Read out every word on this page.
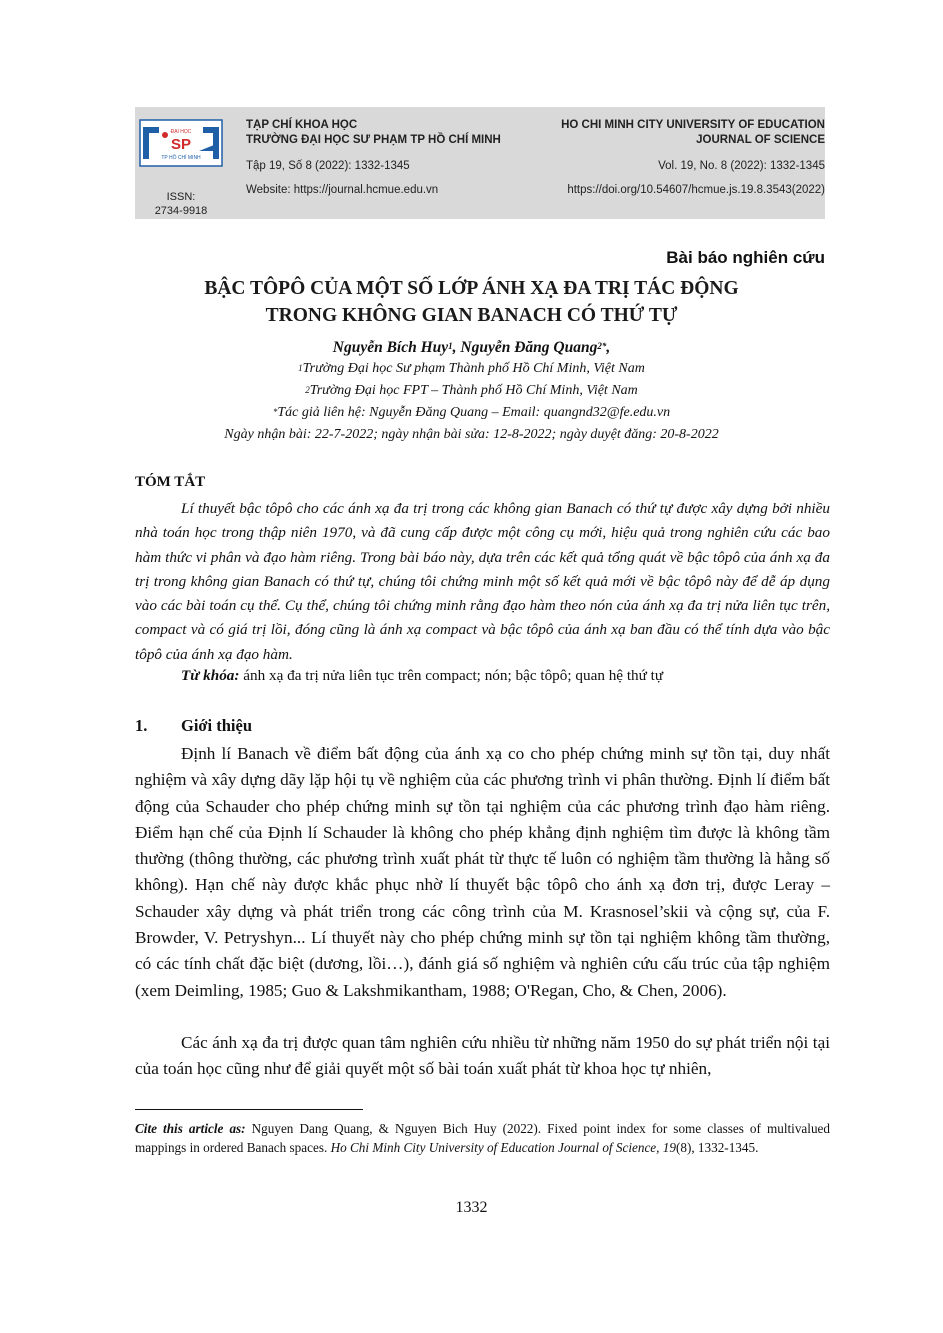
ĐẠI HỌC
SP
TP HỒ CHÍ MINH
ISSN:
2734-9918
TẠP CHÍ KHOA HỌC
TRƯỜNG ĐẠI HỌC SƯ PHẠM TP HỒ CHÍ MINH
Tập 19, Số 8 (2022): 1332-1345
Website: https://journal.hcmue.edu.vn
HO CHI MINH CITY UNIVERSITY OF EDUCATION
JOURNAL OF SCIENCE
Vol. 19, No. 8 (2022): 1332-1345
https://doi.org/10.54607/hcmue.js.19.8.3543(2022)
Bài báo nghiên cứu
BẬC TÔPÔ CỦA MỘT SỐ LỚP ÁNH XẠ ĐA TRỊ TÁC ĐỘNG
TRONG KHÔNG GIAN BANACH CÓ THỨ TỰ
Nguyễn Bích Huy$^1$, Nguyễn Đăng Quang$^{2*}$,
$^1$Trường Đại học Sư phạm Thành phố Hồ Chí Minh, Việt Nam
$^2$Trường Đại học FPT – Thành phố Hồ Chí Minh, Việt Nam
*Tác giả liên hệ: Nguyễn Đăng Quang – Email: quangnd32@fe.edu.vn
Ngày nhận bài: 22-7-2022; ngày nhận bài sửa: 12-8-2022; ngày duyệt đăng: 20-8-2022
TÓM TẮT
Lí thuyết bậc tôpô cho các ánh xạ đa trị trong các không gian Banach có thứ tự được xây dựng bởi nhiều nhà toán học trong thập niên 1970, và đã cung cấp được một công cụ mới, hiệu quả trong nghiên cứu các bao hàm thức vi phân và đạo hàm riêng. Trong bài báo này, dựa trên các kết quả tổng quát về bậc tôpô của ánh xạ đa trị trong không gian Banach có thứ tự, chúng tôi chứng minh một số kết quả mới về bậc tôpô này để dễ áp dụng vào các bài toán cụ thể. Cụ thể, chúng tôi chứng minh rằng đạo hàm theo nón của ánh xạ đa trị nửa liên tục trên, compact và có giá trị lồi, đóng cũng là ánh xạ compact và bậc tôpô của ánh xạ ban đầu có thể tính dựa vào bậc tôpô của ánh xạ đạo hàm.
Từ khóa: ánh xạ đa trị nửa liên tục trên compact; nón; bậc tôpô; quan hệ thứ tự
1. Giới thiệu

Định lí Banach về điểm bất động của ánh xạ co cho phép chứng minh sự tồn tại, duy nhất nghiệm và xây dựng dãy lặp hội tụ về nghiệm của các phương trình vi phân thường. Định lí điểm bất động của Schauder cho phép chứng minh sự tồn tại nghiệm của các phương trình đạo hàm riêng. Điểm hạn chế của Định lí Schauder là không cho phép khẳng định nghiệm tìm được là không tầm thường (thông thường, các phương trình xuất phát từ thực tế luôn có nghiệm tầm thường là hằng số không). Hạn chế này được khắc phục nhờ lí thuyết bậc tôpô cho ánh xạ đơn trị, được Leray – Schauder xây dựng và phát triển trong các công trình của M. Krasnosel’skii và cộng sự, của F. Browder, V. Petryshyn... Lí thuyết này cho phép chứng minh sự tồn tại nghiệm không tầm thường, có các tính chất đặc biệt (dương, lồi…), đánh giá số nghiệm và nghiên cứu cấu trúc của tập nghiệm (xem Deimling, 1985; Guo & Lakshmikantham, 1988; O'Regan, Cho, & Chen, 2006).

Các ánh xạ đa trị được quan tâm nghiên cứu nhiều từ những năm 1950 do sự phát triển nội tại của toán học cũng như để giải quyết một số bài toán xuất phát từ khoa học tự nhiên,

Cite this article as: Nguyen Dang Quang, & Nguyen Bich Huy (2022). Fixed point index for some classes of multivalued mappings in ordered Banach spaces. Ho Chi Minh City University of Education Journal of Science, 19(8), 1332-1345.
1332
